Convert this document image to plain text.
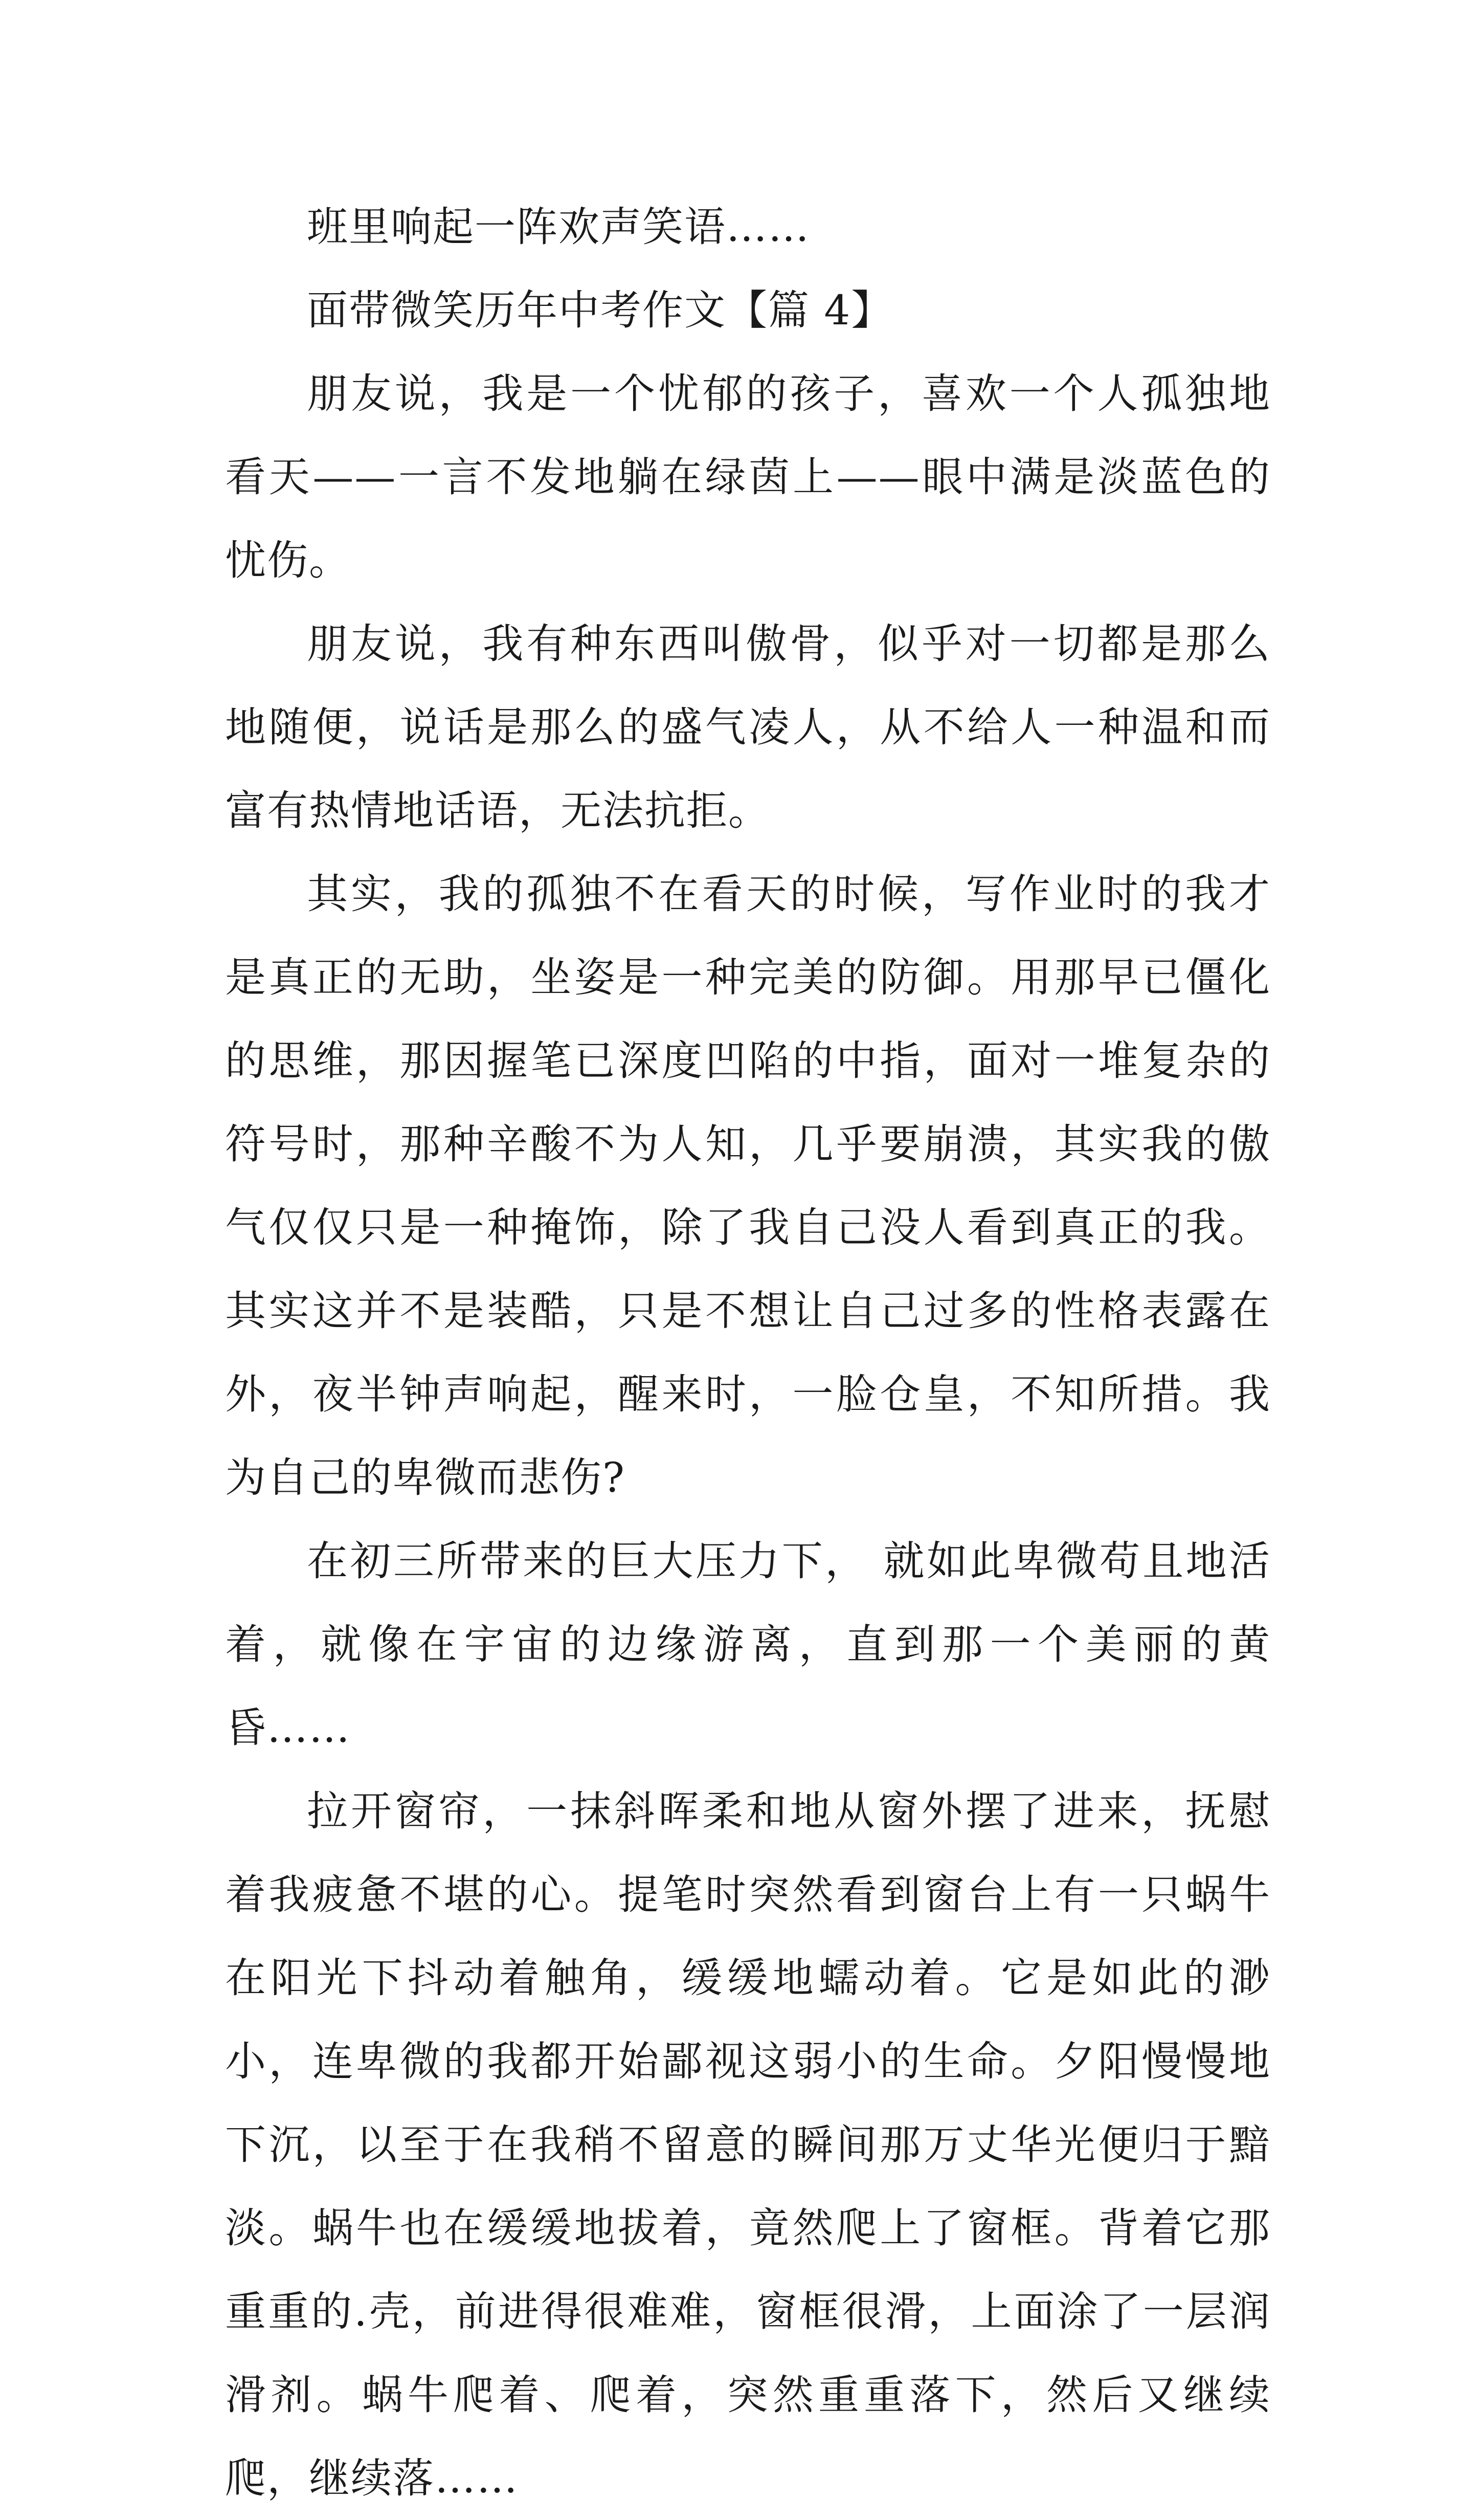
班里响起一阵欢声笑语……

面带微笑历年中考作文【篇 4】

朋友说，我是一个忧郁的孩子，喜欢一个人孤独地看天——一言不发地躺在绿茵上——眼中满是淡蓝色的忧伤。

朋友说，我有种东西叫傲骨，似乎对一切都是那么地随便，说话是那么的盛气凌人，从不给人一种温和而富有热情地话语，无法抗拒。

其实，我的孤独不在看天的时候，写作业时的我才是真正的无助，坐姿是一种完美的防御。用那早已僵化的思维，那因握笔已深度凹陷的中指，面对一堆复杂的符号时，那种辛酸不为人知，几乎要崩溃，其实我的傲气仅仅只是一种掩饰，除了我自己没人看到真正的我。其实这并不是装酷，只是不想让自己过多的性格表露在外，夜半钟声响起，醒来时，一脸仓皇，不知所措。我为自己的卑微而悲伤?

在初三所带来的巨大压力下， 就如此卑微苟且地活着，就像在宇宙的边缘游离，直到那一个美丽的黄昏……

拉开窗帘，一抹斜晖柔和地从窗外摆了进来，抚慰着我疲惫不堪的心。提笔时突然看到窗台上有一只蜗牛在阳光下抖动着触角，缓缓地蠕动着。它是如此的渺小，连卑微的我都开始鄙视这弱小的生命。夕阳慢慢地下沉，以至于在我稍不留意的瞬间那万丈华光便归于黯淡。蜗牛也在缓缓地拔着，竟然爬上了窗框。背着它那重重的.壳，前进得很难难，窗框很滑，上面涂了一层润滑剂。蜗牛爬着、爬着，突然重重落下，然后又继续爬，继续落……
